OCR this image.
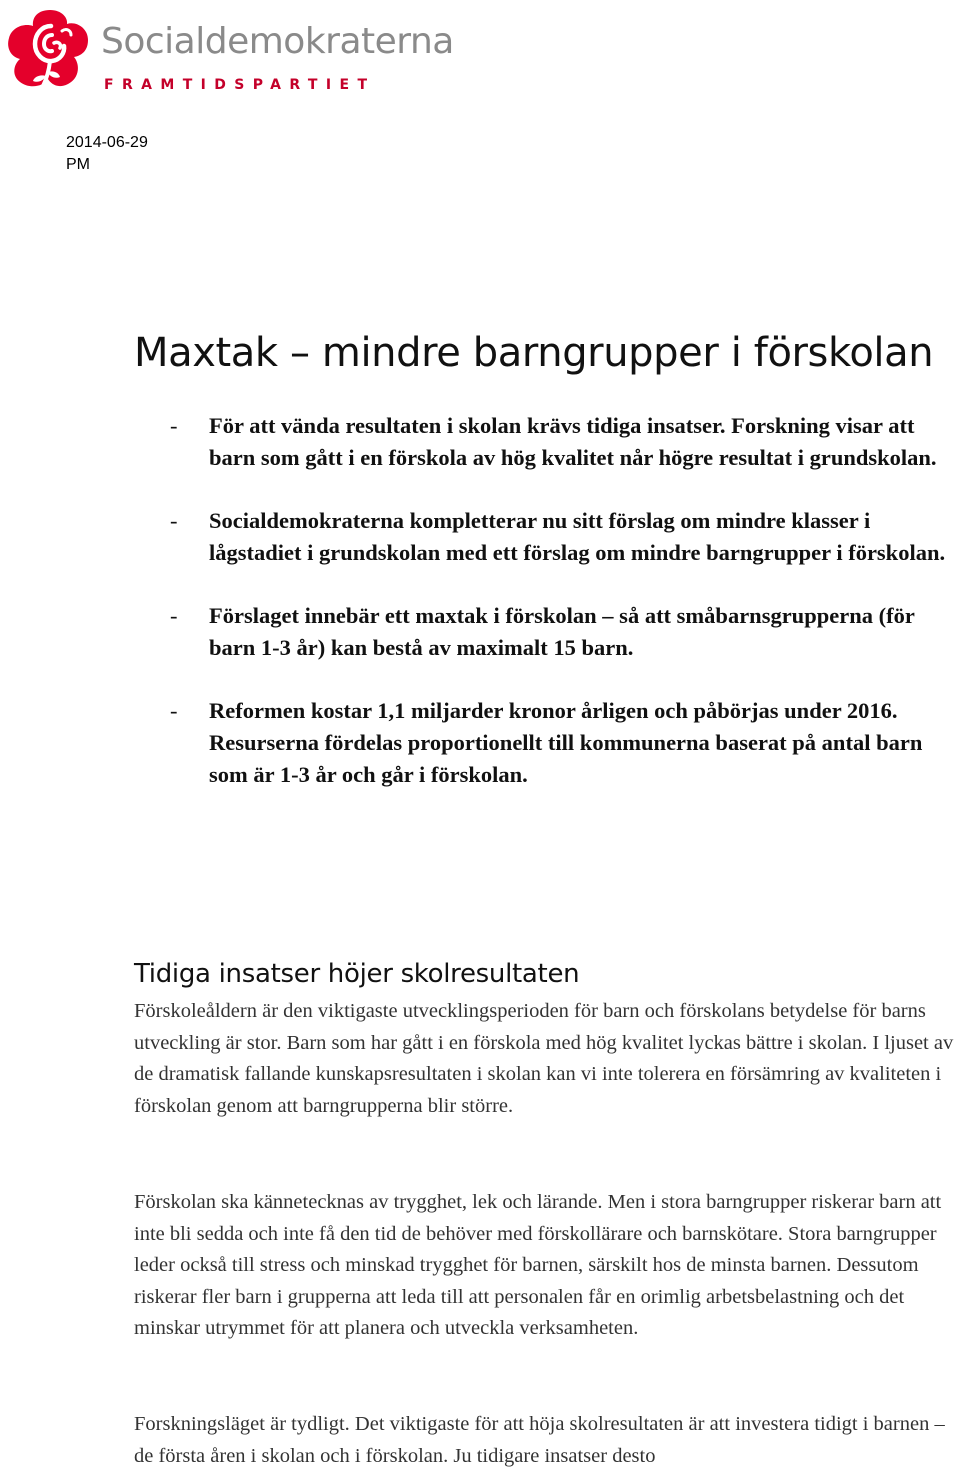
Socialdemokraterna
FRAMTIDSPARTIET
2014-06-29
PM
Maxtak – mindre barngrupper i förskolan
- För att vända resultaten i skolan krävs tidiga insatser. Forskning visar att barn som gått i en förskola av hög kvalitet når högre resultat i grundskolan.
- Socialdemokraterna kompletterar nu sitt förslag om mindre klasser i lågstadiet i grundskolan med ett förslag om mindre barngrupper i förskolan.
- Förslaget innebär ett maxtak i förskolan – så att småbarnsgrupperna (för barn 1-3 år) kan bestå av maximalt 15 barn.
- Reformen kostar 1,1 miljarder kronor årligen och påbörjas under 2016. Resurserna fördelas proportionellt till kommunerna baserat på antal barn som är 1-3 år och går i förskolan.
Tidiga insatser höjer skolresultaten

Förskoleåldern är den viktigaste utvecklingsperioden för barn och förskolans betydelse för barns utveckling är stor. Barn som har gått i en förskola med hög kvalitet lyckas bättre i skolan. I ljuset av de dramatisk fallande kunskapsresultaten i skolan kan vi inte tolerera en försämring av kvaliteten i förskolan genom att barngrupperna blir större.

Förskolan ska kännetecknas av trygghet, lek och lärande. Men i stora barngrupper riskerar barn att inte bli sedda och inte få den tid de behöver med förskollärare och barnskötare. Stora barngrupper leder också till stress och minskad trygghet för barnen, särskilt hos de minsta barnen. Dessutom riskerar fler barn i grupperna att leda till att personalen får en orimlig arbetsbelastning och det minskar utrymmet för att planera och utveckla verksamheten.

Forskningsläget är tydligt. Det viktigaste för att höja skolresultaten är att investera tidigt i barnen – de första åren i skolan och i förskolan. Ju tidigare insatser desto
